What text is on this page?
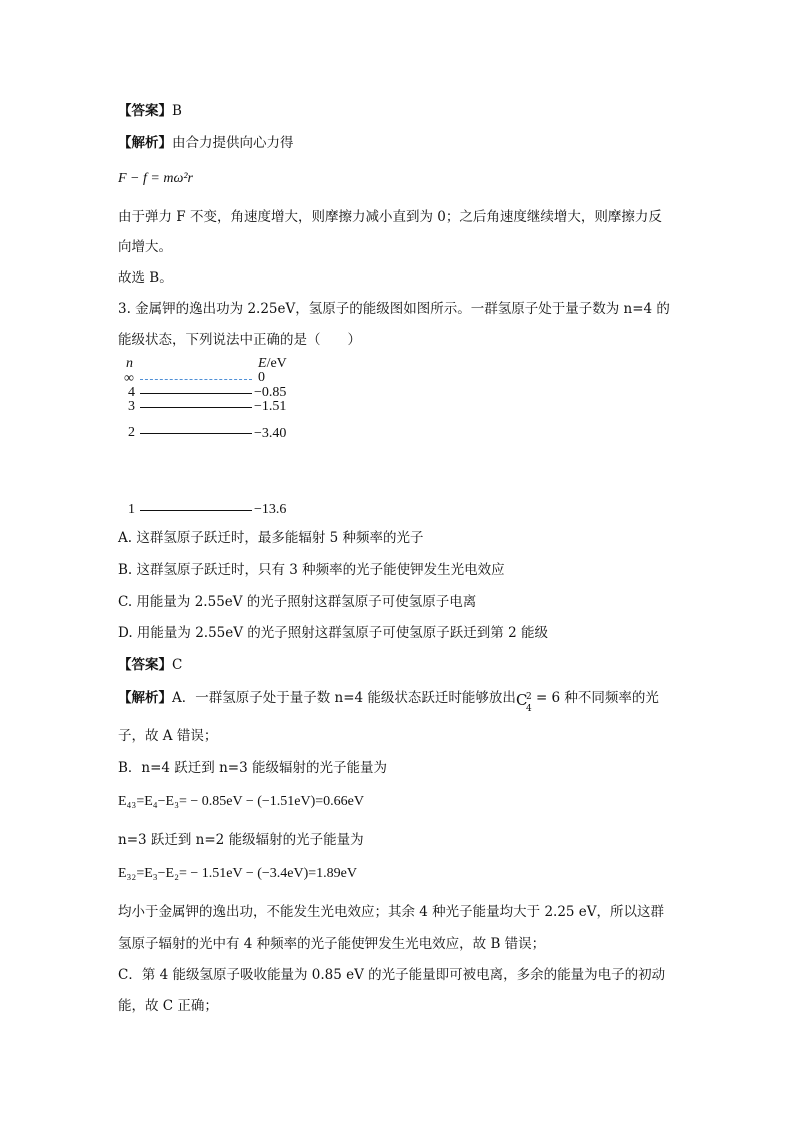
【答案】B
【解析】由合力提供向心力得
F − f = mω²r
由于弹力 F 不变，角速度增大，则摩擦力减小直到为 0；之后角速度继续增大，则摩擦力反
向增大。
故选 B。
3. 金属钾的逸出功为 2.25eV，氢原子的能级图如图所示。一群氢原子处于量子数为 n=4 的
能级状态，下列说法中正确的是（　　）
n	E/eV
∞	0
4	−0.85
3	−1.51
2	−3.40
1	−13.6
A. 这群氢原子跃迁时，最多能辐射 5 种频率的光子
B. 这群氢原子跃迁时，只有 3 种频率的光子能使钾发生光电效应
C. 用能量为 2.55eV 的光子照射这群氢原子可使氢原子电离
D. 用能量为 2.55eV 的光子照射这群氢原子可使氢原子跃迁到第 2 能级
【答案】C
【解析】A．一群氢原子处于量子数 n=4 能级状态跃迁时能够放出 C
2
4
= 6 种不同频率的光
子，故 A 错误；
B．n=4 跃迁到 n=3 能级辐射的光子能量为
E₄₃=E₄−E₃= − 0.85eV − (−1.51eV)=0.66eV
n=3 跃迁到 n=2 能级辐射的光子能量为
E₃₂=E₃−E₂= − 1.51eV − (−3.4eV)=1.89eV
均小于金属钾的逸出功，不能发生光电效应；其余 4 种光子能量均大于 2.25 eV，所以这群
氢原子辐射的光中有 4 种频率的光子能使钾发生光电效应，故 B 错误；
C．第 4 能级氢原子吸收能量为 0.85 eV 的光子能量即可被电离，多余的能量为电子的初动
能，故 C 正确；
